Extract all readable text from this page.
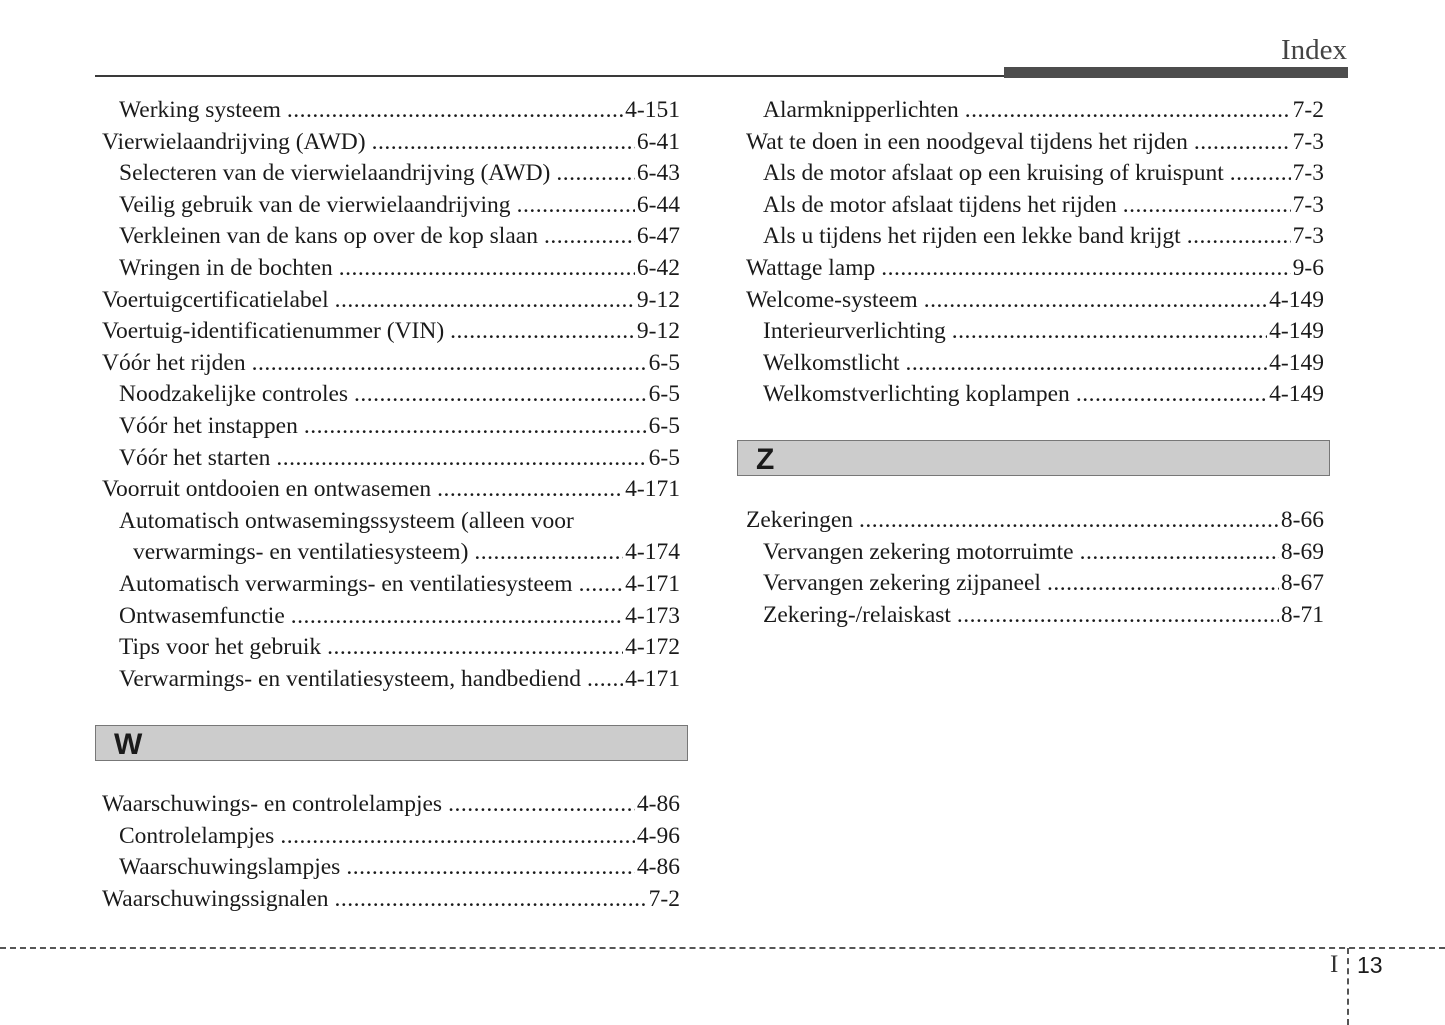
Index
Werking systeem .....	4-151
Vierwielaandrijving (AWD) .....	6-41
Selecteren van de vierwielaandrijving (AWD) .....	6-43
Veilig gebruik van de vierwielaandrijving .....	6-44
Verkleinen van de kans op over de kop slaan .....	6-47
Wringen in de bochten .....	6-42
Voertuigcertificatielabel .....	9-12
Voertuig-identificatienummer (VIN) .....	9-12
Vóór het rijden .....	6-5
Noodzakelijke controles .....	6-5
Vóór het instappen .....	6-5
Vóór het starten .....	6-5
Voorruit ontdooien en ontwasemen .....	4-171
Automatisch ontwasemingssysteem (alleen voor
verwarmings- en ventilatiesysteem) .....	4-174
Automatisch verwarmings- en ventilatiesysteem ..... 4-171
Ontwasemfunctie .....	4-173
Tips voor het gebruik .....	4-172
Verwarmings- en ventilatiesysteem, handbediend ..... 4-171
W
Waarschuwings- en controlelampjes .....	4-86
Controlelampjes .....	4-96
Waarschuwingslampjes .....	4-86
Waarschuwingssignalen .....	7-2
Alarmknipperlichten .....	7-2
Wat te doen in een noodgeval tijdens het rijden .....	7-3
Als de motor afslaat op een kruising of kruispunt .....	7-3
Als de motor afslaat tijdens het rijden .....	7-3
Als u tijdens het rijden een lekke band krijgt .....	7-3
Wattage lamp .....	9-6
Welcome-systeem .....	4-149
Interieurverlichting .....	4-149
Welkomstlicht .....	4-149
Welkomstverlichting koplampen .....	4-149
Z
Zekeringen .....	8-66
Vervangen zekering motorruimte .....	8-69
Vervangen zekering zijpaneel .....	8-67
Zekering-/relaiskast .....	8-71
I 13
